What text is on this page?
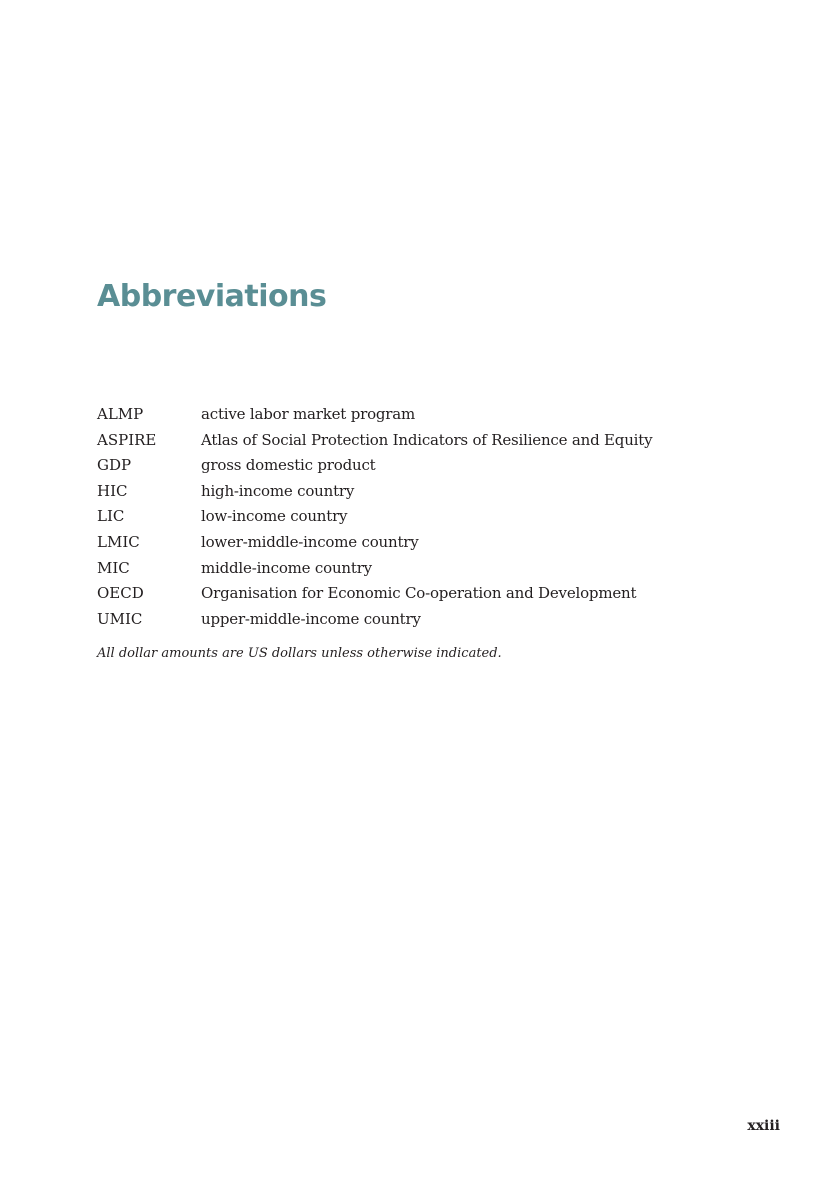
Abbreviations
ALMP	active labor market program
ASPIRE	Atlas of Social Protection Indicators of Resilience and Equity
GDP	gross domestic product
HIC	high-income country
LIC	low-income country
LMIC	lower-middle-income country
MIC	middle-income country
OECD	Organisation for Economic Co-operation and Development
UMIC	upper-middle-income country

All dollar amounts are US dollars unless otherwise indicated.

xxiii
